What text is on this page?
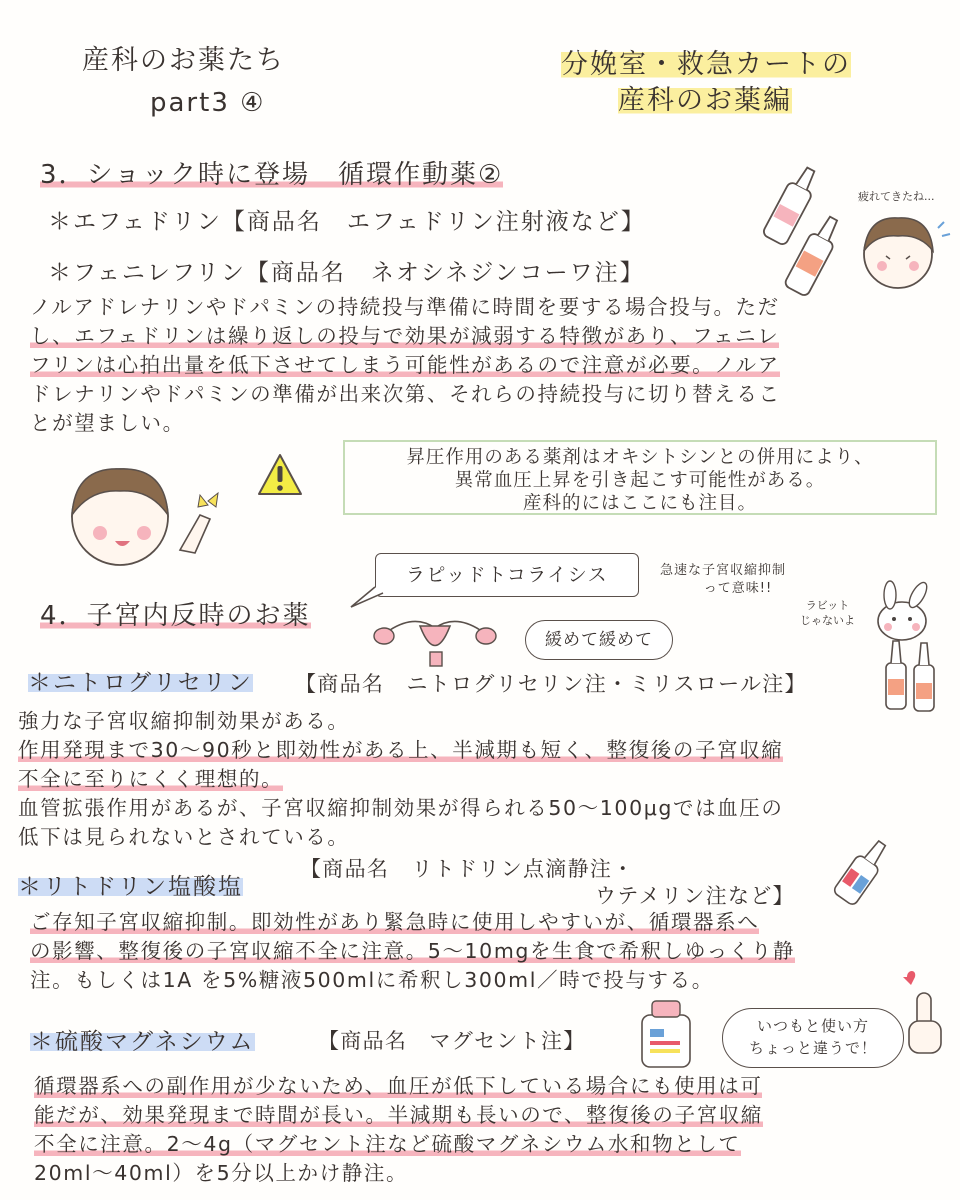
産科のお薬たち
part3 ④
分娩室・救急カートの
産科のお薬編
3．ショック時に登場　循環作動薬②
＊エフェドリン【商品名　エフェドリン注射液など】
＊フェニレフリン【商品名　ネオシネジンコーワ注】
疲れてきたね...
ノルアドレナリンやドパミンの持続投与準備に時間を要する場合投与。ただ
し、エフェドリンは繰り返しの投与で効果が減弱する特徴があり、フェニレ
フリンは心拍出量を低下させてしまう可能性があるので注意が必要。ノルア
ドレナリンやドパミンの準備が出来次第、それらの持続投与に切り替えるこ
とが望ましい。
昇圧作用のある薬剤はオキシトシンとの併用により、
異常血圧上昇を引き起こす可能性がある。
産科的にはここにも注目。
ラピッドトコライシス	急速な子宮収縮抑制
って意味!!
ラビット
じゃないよ
4．子宮内反時のお薬
緩めて緩めて
＊ニトログリセリン 【商品名　ニトログリセリン注・ミリスロール注】
強力な子宮収縮抑制効果がある。
作用発現まで30〜90秒と即効性がある上、半減期も短く、整復後の子宮収縮
不全に至りにくく理想的。
血管拡張作用があるが、子宮収縮抑制効果が得られる50〜100μgでは血圧の
低下は見られないとされている。
【商品名　リトドリン点滴静注・
ウテメリン注など】
＊リトドリン塩酸塩
ご存知子宮収縮抑制。即効性があり緊急時に使用しやすいが、循環器系へ
の影響、整復後の子宮収縮不全に注意。5〜10mgを生食で希釈しゆっくり静
注。もしくは1A を5%糖液500mlに希釈し300ml／時で投与する。
＊硫酸マグネシウム	【商品名　マグセント注】
いつもと使い方
ちょっと違うで！
循環器系への副作用が少ないため、血圧が低下している場合にも使用は可
能だが、効果発現まで時間が長い。半減期も長いので、整復後の子宮収縮
不全に注意。2〜4g（マグセント注など硫酸マグネシウム水和物として
20ml〜40ml）を5分以上かけ静注。
